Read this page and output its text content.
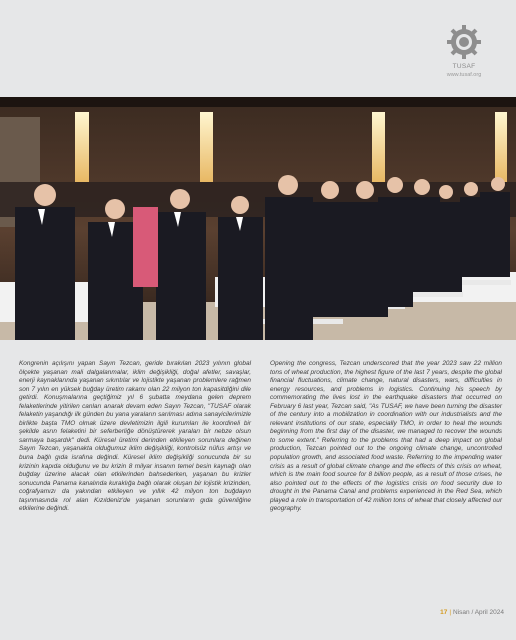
TUSAF
www.tusaf.org

Kongrenin açılışını yapan Sayın Tezcan, geride bırakılan 2023 yılının global ölçekte yaşanan mali dalgalanmalar, iklim değişikliği, doğal afetler, savaşlar, enerji kaynaklarında yaşanan sıkıntılar ve lojistikte yaşanan problemlere rağmen son 7 yılın en yüksek buğday üretim rakamı olan 22 milyon ton kapasitdiğini dile getirdi. Konuşmalarına geçtiğimiz yıl 6 şubatta meydana gelen deprem felaketlerinde yitirilen canları anarak devam eden Sayın Tezcan, "TUSAF olarak felaketin yaşandığı ilk günden bu yana yaraların sarılması adına sanayicilerimizle birlikte başta TMO olmak üzere devletimizin ilgili kurumları ile koordineli bir şekilde asrın felaketini bir seferberliğe dönüştürerek yaraları bir nebze olsun sarmaya başardık" dedi. Küresel üretimi derinden etkileyen sorunlara değinen Sayın Tezcan, yaşanakta olduğumuz iklim değişikliği, kontrolsüz nüfus artışı ve buna bağlı gıda israfına değindi. Küresel iklim değişikliği sonucunda bir su krizinin kapıda olduğunu ve bu krizin 8 milyar insanın temel besin kaynağı olan buğday üzerine alacak olan etkilerinden bahsederken, yaşanan bu krizler sonucunda Panama kanalında kuraklığa bağlı olarak oluşan bir lojistik krizinden, coğrafyamızı da yakından etkileyen ve yıllık 42 milyon ton buğdayın taşınmasında rol alan Kızıldeniz'de yaşanan sorunların gıda güvenliğine etkilerine değindi.

Opening the congress, Tezcan underscored that the year 2023 saw 22 million tons of wheat production, the highest figure of the last 7 years, despite the global financial fluctuations, climate change, natural disasters, wars, difficulties in energy resources, and problems in logistics. Continuing his speech by commemorating the lives lost in the earthquake disasters that occurred on February 6 last year, Tezcan said, "As TUSAF, we have been turning the disaster of the century into a mobilization in coordination with our industrialists and the relevant institutions of our state, especially TMO, in order to heal the wounds beginning from the first day of the disaster, we managed to recover the wounds to some extent." Referring to the problems that had a deep impact on global production, Tezcan pointed out to the ongoing climate change, uncontrolled population growth, and associated food waste. Referring to the impending water crisis as a result of global climate change and the effects of this crisis on wheat, which is the main food source for 8 billion people, as a result of those crises, he also pointed out to the effects of the logistics crisis on food security due to drought in the Panama Canal and problems experienced in the Red Sea, which played a role in transportation of 42 million tons of wheat that closely affected our geography.

17 | Nisan / April 2024
